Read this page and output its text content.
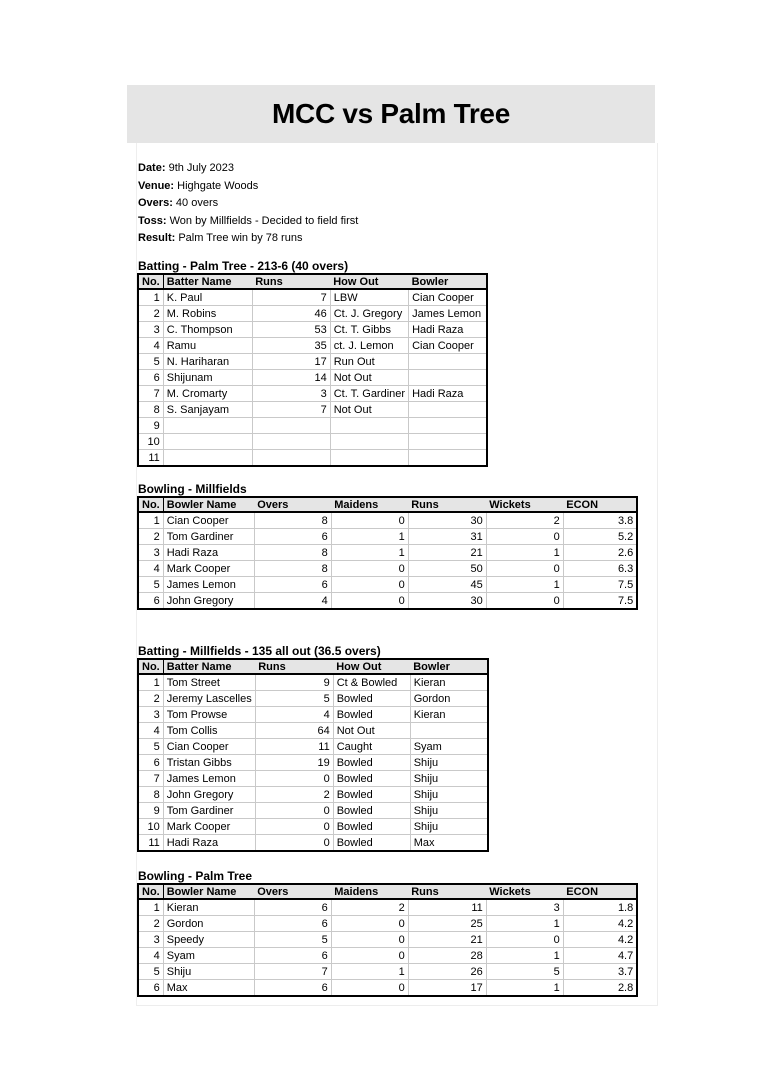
MCC vs Palm Tree
Date: 9th July 2023
Venue: Highgate Woods
Overs: 40 overs
Toss: Won by Millfields - Decided to field first
Result: Palm Tree win by 78 runs
Batting - Palm Tree - 213-6 (40 overs)
No.	Batter Name	Runs	How Out	Bowler
1	K. Paul	7	LBW	Cian Cooper
2	M. Robins	46	Ct. J. Gregory	James Lemon
3	C. Thompson	53	Ct. T. Gibbs	Hadi Raza
4	Ramu	35	ct. J. Lemon	Cian Cooper
5	N. Hariharan	17	Run Out	
6	Shijunam	14	Not Out	
7	M. Cromarty	3	Ct. T. Gardiner	Hadi Raza
8	S. Sanjayam	7	Not Out	
9				
10				
11				
Bowling - Millfields
No.	Bowler Name	Overs	Maidens	Runs	Wickets	ECON
1	Cian Cooper	8	0	30	2	3.8
2	Tom Gardiner	6	1	31	0	5.2
3	Hadi Raza	8	1	21	1	2.6
4	Mark Cooper	8	0	50	0	6.3
5	James Lemon	6	0	45	1	7.5
6	John Gregory	4	0	30	0	7.5
Batting - Millfields - 135 all out (36.5 overs)
No.	Batter Name	Runs	How Out	Bowler
1	Tom Street	9	Ct & Bowled	Kieran
2	Jeremy Lascelles	5	Bowled	Gordon
3	Tom Prowse	4	Bowled	Kieran
4	Tom Collis	64	Not Out	
5	Cian Cooper	11	Caught	Syam
6	Tristan Gibbs	19	Bowled	Shiju
7	James Lemon	0	Bowled	Shiju
8	John Gregory	2	Bowled	Shiju
9	Tom Gardiner	0	Bowled	Shiju
10	Mark Cooper	0	Bowled	Shiju
11	Hadi Raza	0	Bowled	Max
Bowling - Palm Tree
No.	Bowler Name	Overs	Maidens	Runs	Wickets	ECON
1	Kieran	6	2	11	3	1.8
2	Gordon	6	0	25	1	4.2
3	Speedy	5	0	21	0	4.2
4	Syam	6	0	28	1	4.7
5	Shiju	7	1	26	5	3.7
6	Max	6	0	17	1	2.8
